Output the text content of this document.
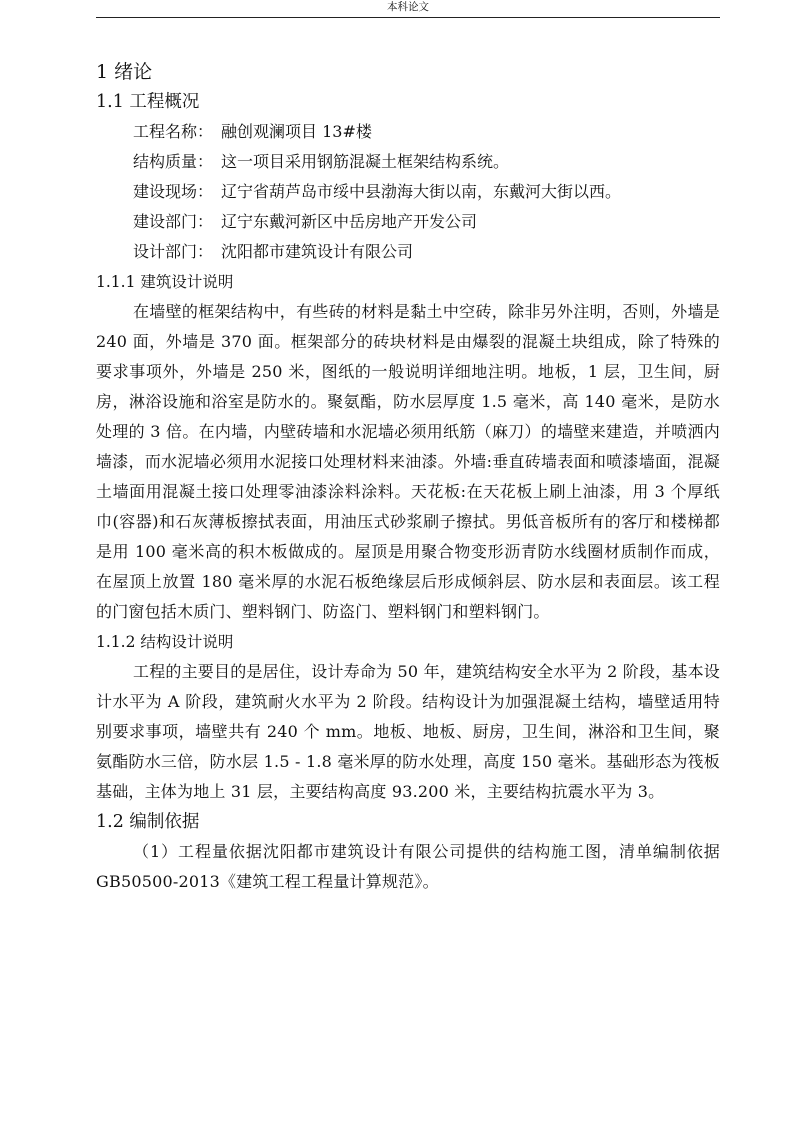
本科论文
1 绪论
1.1 工程概况
工程名称： 融创观澜项目 13#楼
结构质量： 这一项目采用钢筋混凝土框架结构系统。
建设现场： 辽宁省葫芦岛市绥中县渤海大街以南，东戴河大街以西。
建设部门： 辽宁东戴河新区中岳房地产开发公司
设计部门： 沈阳都市建筑设计有限公司
1.1.1 建筑设计说明

在墙壁的框架结构中，有些砖的材料是黏土中空砖，除非另外注明，否则，外墙是 240 面，外墙是 370 面。框架部分的砖块材料是由爆裂的混凝土块组成，除了特殊的要求事项外，外墙是 250 米，图纸的一般说明详细地注明。地板，1 层，卫生间，厨房，淋浴设施和浴室是防水的。聚氨酯，防水层厚度 1.5 毫米，高 140 毫米，是防水处理的 3 倍。在内墙，内壁砖墙和水泥墙必须用纸筋（麻刀）的墙壁来建造，并喷洒内墙漆，而水泥墙必须用水泥接口处理材料来油漆。外墙:垂直砖墙表面和喷漆墙面，混凝土墙面用混凝土接口处理零油漆涂料涂料。天花板:在天花板上刷上油漆，用 3 个厚纸巾(容器)和石灰薄板擦拭表面，用油压式砂浆刷子擦拭。男低音板所有的客厅和楼梯都是用 100 毫米高的积木板做成的。屋顶是用聚合物变形沥青防水线圈材质制作而成，在屋顶上放置 180 毫米厚的水泥石板绝缘层后形成倾斜层、防水层和表面层。该工程的门窗包括木质门、塑料钢门、防盗门、塑料钢门和塑料钢门。

1.1.2 结构设计说明

工程的主要目的是居住，设计寿命为 50 年，建筑结构安全水平为 2 阶段，基本设计水平为 A 阶段，建筑耐火水平为 2 阶段。结构设计为加强混凝土结构，墙壁适用特别要求事项，墙壁共有 240 个 mm。地板、地板、厨房，卫生间，淋浴和卫生间，聚氨酯防水三倍，防水层 1.5 - 1.8 毫米厚的防水处理，高度 150 毫米。基础形态为筏板基础，主体为地上 31 层，主要结构高度 93.200 米，主要结构抗震水平为 3。

1.2 编制依据

（1）工程量依据沈阳都市建筑设计有限公司提供的结构施工图，清单编制依据 GB50500-2013《建筑工程工程量计算规范》。
